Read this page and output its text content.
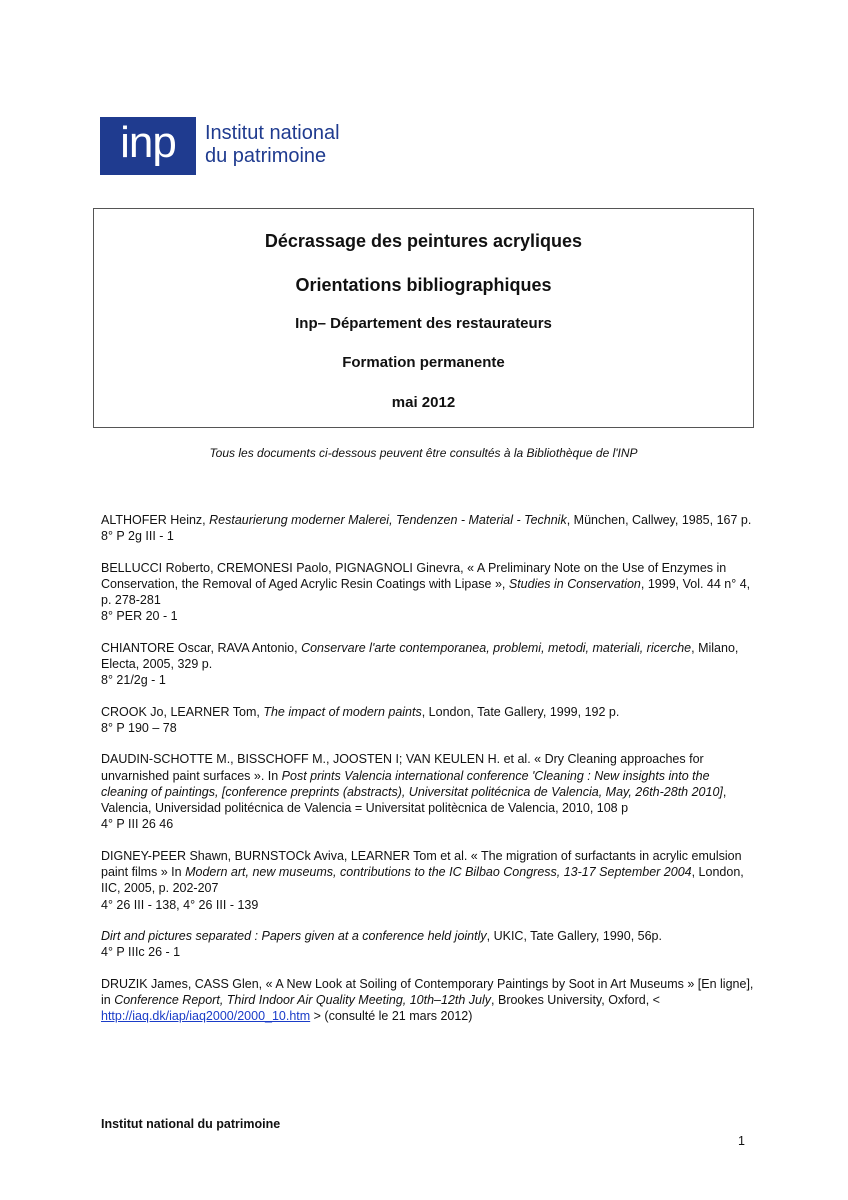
inp	Institut national
du patrimoine
Décrassage des peintures acryliques
Orientations bibliographiques
Inp– Département des restaurateurs
Formation permanente
mai 2012
Tous les documents ci-dessous peuvent être consultés à la Bibliothèque de l'INP

ALTHOFER Heinz, Restaurierung moderner Malerei, Tendenzen - Material - Technik, München, Callwey, 1985, 167 p.

8° P 2g III - 1

BELLUCCI Roberto, CREMONESI Paolo, PIGNAGNOLI Ginevra, « A Preliminary Note on the Use of Enzymes in Conservation, the Removal of Aged Acrylic Resin Coatings with Lipase », Studies in Conservation, 1999, Vol. 44 n° 4, p. 278-281

8° PER 20 - 1

CHIANTORE Oscar, RAVA Antonio, Conservare l'arte contemporanea, problemi, metodi, materiali, ricerche, Milano, Electa, 2005, 329 p.

8° 21/2g - 1

CROOK Jo, LEARNER Tom, The impact of modern paints, London, Tate Gallery, 1999, 192 p.

8° P 190 – 78

DAUDIN-SCHOTTE M., BISSCHOFF M., JOOSTEN I; VAN KEULEN H. et al. « Dry Cleaning approaches for unvarnished paint surfaces ». In Post prints Valencia international conference 'Cleaning : New insights into the cleaning of paintings, [conference preprints (abstracts), Universitat politécnica de Valencia, May, 26th-28th 2010], Valencia, Universidad politécnica de Valencia = Universitat politècnica de Valencia, 2010, 108 p

4° P III 26 46

DIGNEY-PEER Shawn, BURNSTOCk Aviva, LEARNER Tom et al. « The migration of surfactants in acrylic emulsion paint films » In Modern art, new museums, contributions to the IC Bilbao Congress, 13-17 September 2004, London, IIC, 2005, p. 202-207

4° 26 III - 138, 4° 26 III - 139

Dirt and pictures separated : Papers given at a conference held jointly, UKIC, Tate Gallery, 1990, 56p.

4° P IIIc 26 - 1

DRUZIK James, CASS Glen, « A New Look at Soiling of Contemporary Paintings by Soot in Art Museums » [En ligne], in Conference Report, Third Indoor Air Quality Meeting, 10th–12th July, Brookes University, Oxford, < http://iaq.dk/iap/iaq2000/2000_10.htm > (consulté le 21 mars 2012)

Institut national du patrimoine
1
